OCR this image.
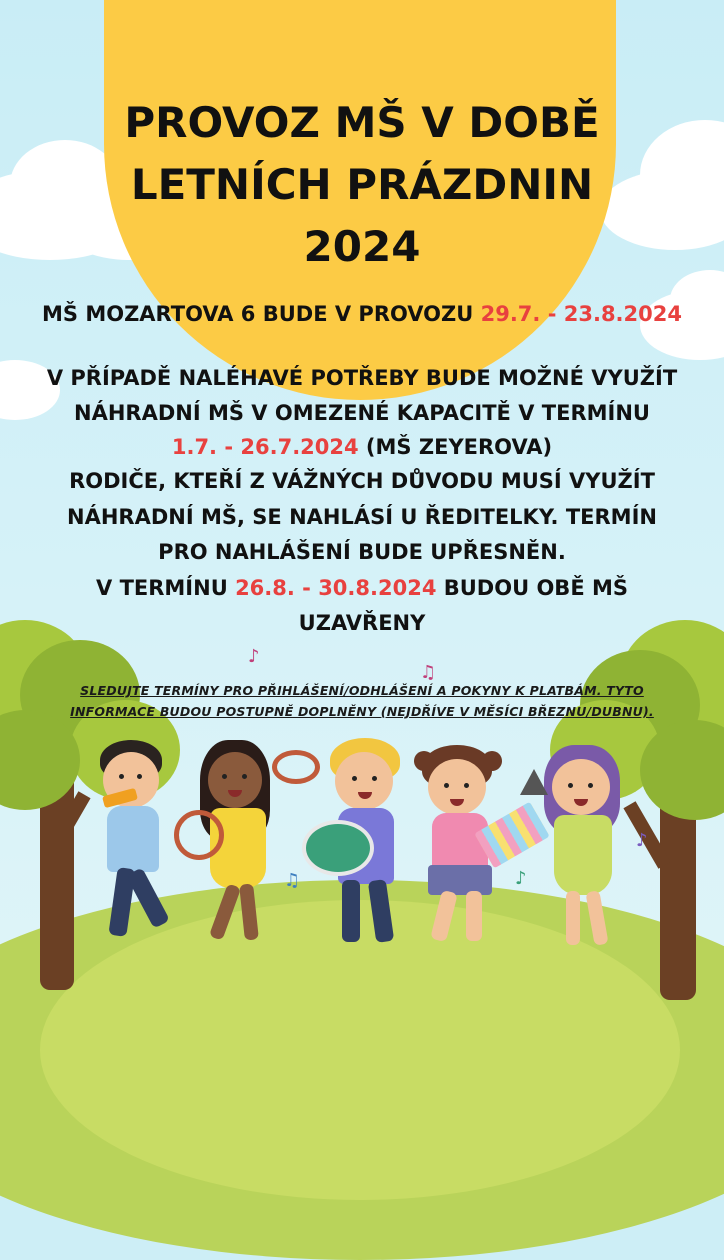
PROVOZ MŠ V DOBĚ
LETNÍCH PRÁZDNIN
2024
MŠ MOZARTOVA 6 BUDE V PROVOZU 29.7. - 23.8.2024
V PŘÍPADĚ NALÉHAVÉ POTŘEBY BUDE MOŽNÉ VYUŽÍT
NÁHRADNÍ MŠ V OMEZENÉ KAPACITĚ V TERMÍNU
1.7. - 26.7.2024 (MŠ ZEYEROVA)
RODIČE, KTEŘÍ Z VÁŽNÝCH DŮVODU MUSÍ VYUŽÍT
NÁHRADNÍ MŠ, SE NAHLÁSÍ U ŘEDITELKY. TERMÍN
PRO NAHLÁŠENÍ BUDE UPŘESNĚN.
V TERMÍNU 26.8. - 30.8.2024 BUDOU OBĚ MŠ
UZAVŘENY
SLEDUJTE TERMÍNY PRO PŘIHLÁŠENÍ/ODHLÁŠENÍ A POKYNY K PLATBÁM. TYTO
INFORMACE BUDOU POSTUPNĚ DOPLNĚNY (NEJDŘÍVE V MĚSÍCI BŘEZNU/DUBNU).
♪
♫
♫	♪
♪
